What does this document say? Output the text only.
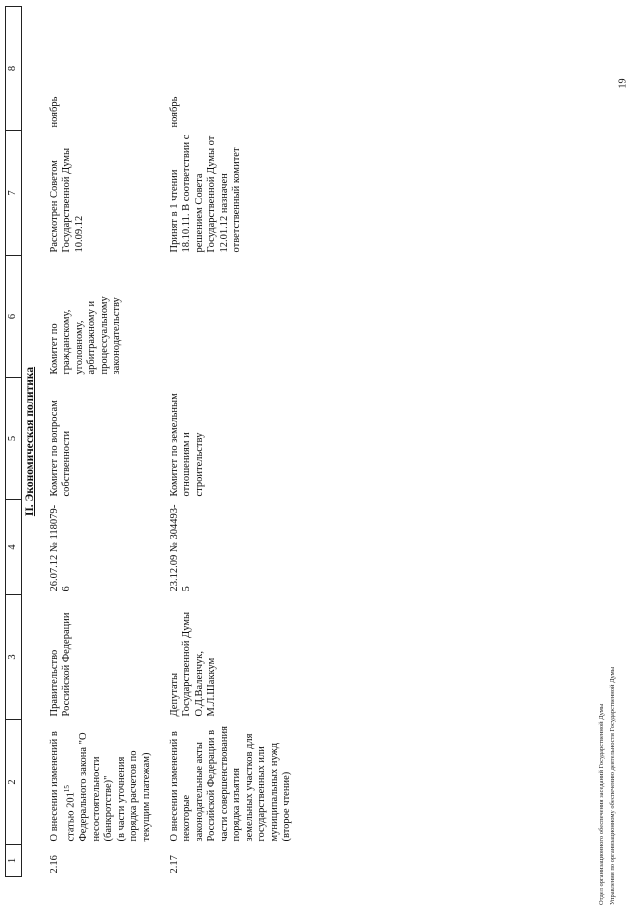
1	2	3	4	5	6	7	8
II. Экономическая политика							
2.16	О внесении изменений в статью $201^{15}$ Федерального закона "О несостоятельности (банкротстве)" (в части уточнения порядка расчетов по текущим платежам)	Правительство Российской Федерации	26.07.12 № 118079-6	Комитет по вопросам собственности	Комитет по гражданскому, уголовному, арбитражному и процессуальному законодательству	Рассмотрен Советом Государственной Думы 10.09.12	ноябрь
2.17	О внесении изменений в некоторые законодательные акты Российской Федерации в части совершенствования порядка изъятия земельных участков для государственных или муниципальных нужд (второе чтение)	Депутаты Государственной Думы О.Д.Валенчук, М.Л.Шаккум	23.12.09 № 304493-5	Комитет по земельным отношениям и строительству		Принят в 1 чтении 18.10.11. В соответствии с решением Совета Государственной Думы от 12.01.12 назначен ответственный комитет	ноябрь
19
Отдел организационного обеспечения заседаний Государственной Думы Управления по организационному обеспечению деятельности Государственной Думы
